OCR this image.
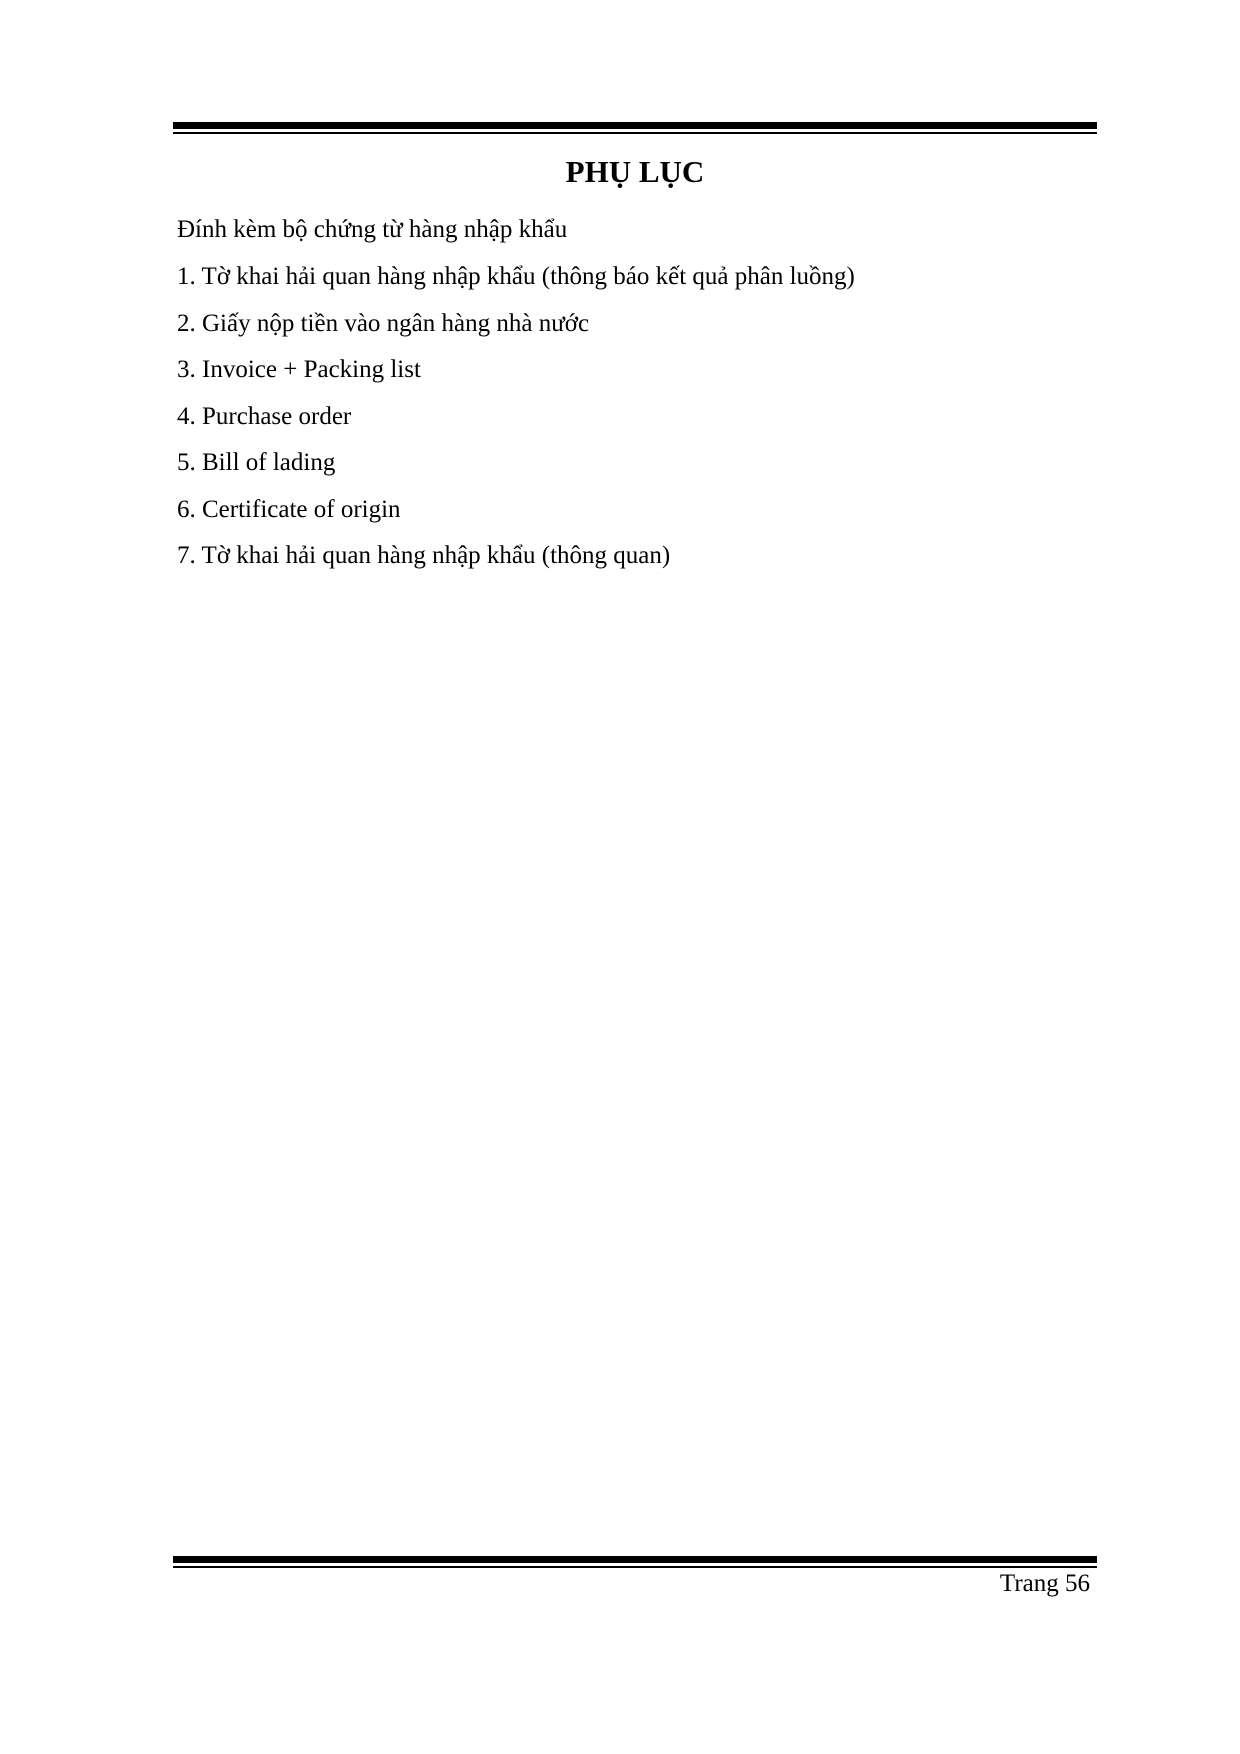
PHỤ LỤC

Đính kèm bộ chứng từ hàng nhập khẩu

1. Tờ khai hải quan hàng nhập khẩu (thông báo kết quả phân luồng)
2. Giấy nộp tiền vào ngân hàng nhà nước
3. Invoice + Packing list
4. Purchase order
5. Bill of lading
6. Certificate of origin
7. Tờ khai hải quan hàng nhập khẩu (thông quan)

Trang 56
